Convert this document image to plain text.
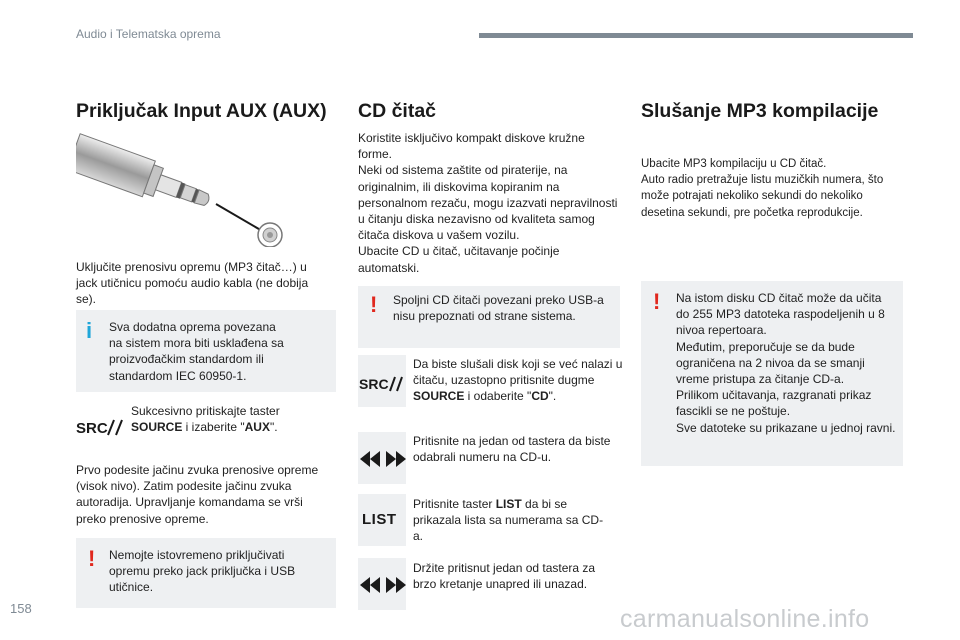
Audio i Telematska oprema
Priključak Input AUX (AUX)
Uključite prenosivu opremu (MP3 čitač…) u jack utičnicu pomoću audio kabla (ne dobija se).
i Sva dodatna oprema povezana na sistem mora biti usklađena sa proizvođačkim standardom ili standardom IEC 60950-1.
SRC
Sukcesivno pritiskajte taster SOURCE i izaberite "AUX".
Prvo podesite jačinu zvuka prenosive opreme (visok nivo). Zatim podesite jačinu zvuka autoradija. Upravljanje komandama se vrši preko prenosive opreme.
! Nemojte istovremeno priključivati opremu preko jack priključka i USB utičnice.
CD čitač
Koristite isključivo kompakt diskove kružne forme.
Neki od sistema zaštite od piraterije, na originalnim, ili diskovima kopiranim na personalnom rezaču, mogu izazvati nepravilnosti u čitanju diska nezavisno od kvaliteta samog čitača diskova u vašem vozilu.
Ubacite CD u čitač, učitavanje počinje automatski.
! Spoljni CD čitači povezani preko USB-a nisu prepoznati od strane sistema.
SRC
Da biste slušali disk koji se već nalazi u čitaču, uzastopno pritisnite dugme SOURCE i odaberite "CD".
Pritisnite na jedan od tastera da biste odabrali numeru na CD-u.
LIST
Pritisnite taster LIST da bi se prikazala lista sa numerama sa CD-a.
Držite pritisnut jedan od tastera za brzo kretanje unapred ili unazad.
Slušanje MP3 kompilacije
Ubacite MP3 kompilaciju u CD čitač.
Auto radio pretražuje listu muzičkih numera, što može potrajati nekoliko sekundi do nekoliko desetina sekundi, pre početka reprodukcije.
! Na istom disku CD čitač može da učita do 255 MP3 datoteka raspodeljenih u 8 nivoa repertoara.
Međutim, preporučuje se da bude ograničena na 2 nivoa da se smanji vreme pristupa za čitanje CD-a.
Prilikom učitavanja, razgranati prikaz fascikli se ne poštuje.
Sve datoteke su prikazane u jednoj ravni.
158	carmanualsonline.info
